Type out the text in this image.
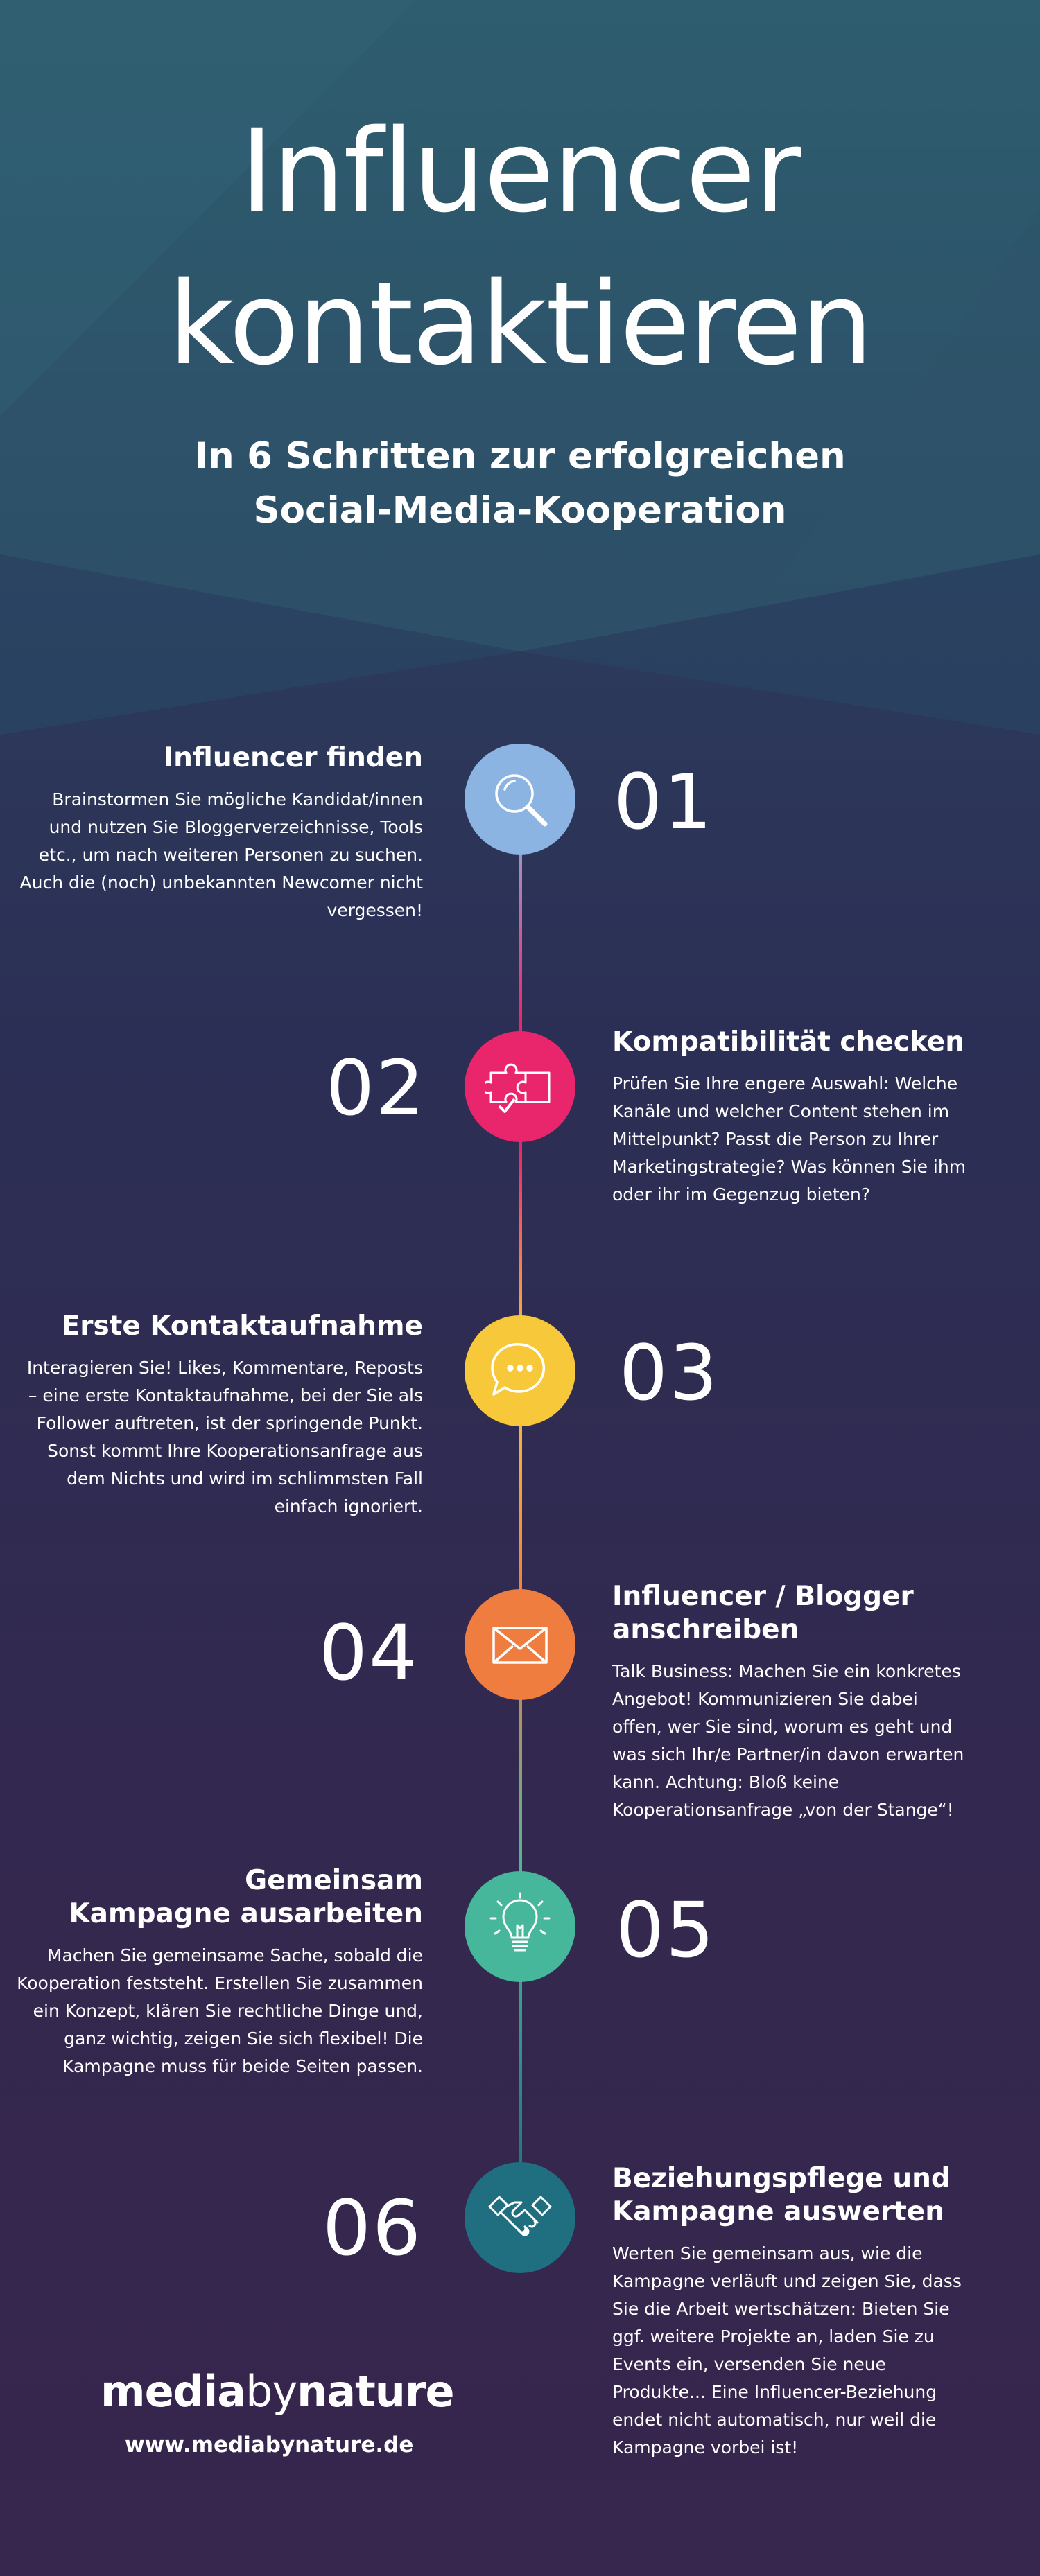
Influencer
kontaktieren
In 6 Schritten zur erfolgreichen
Social-Media-Kooperation
01
Influencer finden

Brainstormen Sie mögliche Kandidat/innen und nutzen Sie Bloggerverzeichnisse, Tools etc., um nach weiteren Personen zu suchen. Auch die (noch) unbekannten Newcomer nicht vergessen!

02
Kompatibilität checken

Prüfen Sie Ihre engere Auswahl: Welche Kanäle und welcher Content stehen im Mittelpunkt? Passt die Person zu Ihrer Marketingstrategie? Was können Sie ihm oder ihr im Gegenzug bieten?

03
Erste Kontaktaufnahme

Interagieren Sie! Likes, Kommentare, Reposts – eine erste Kontaktaufnahme, bei der Sie als Follower auftreten, ist der springende Punkt. Sonst kommt Ihre Kooperationsanfrage aus dem Nichts und wird im schlimmsten Fall einfach ignoriert.

04
Influencer / Blogger
anschreiben

Talk Business: Machen Sie ein konkretes Angebot! Kommunizieren Sie dabei offen, wer Sie sind, worum es geht und was sich Ihr/e Partner/in davon erwarten kann. Achtung: Bloß keine Kooperationsanfrage „von der Stange“!

05
Gemeinsam
Kampagne ausarbeiten

Machen Sie gemeinsame Sache, sobald die Kooperation feststeht. Erstellen Sie zusammen ein Konzept, klären Sie rechtliche Dinge und, ganz wichtig, zeigen Sie sich flexibel! Die Kampagne muss für beide Seiten passen.

06
Beziehungspflege und
Kampagne auswerten

Werten Sie gemeinsam aus, wie die Kampagne verläuft und zeigen Sie, dass Sie die Arbeit wertschätzen: Bieten Sie ggf. weitere Projekte an, laden Sie zu Events ein, versenden Sie neue Produkte... Eine Influencer-Beziehung endet nicht automatisch, nur weil die Kampagne vorbei ist!

mediabynature
www.mediabynature.de
